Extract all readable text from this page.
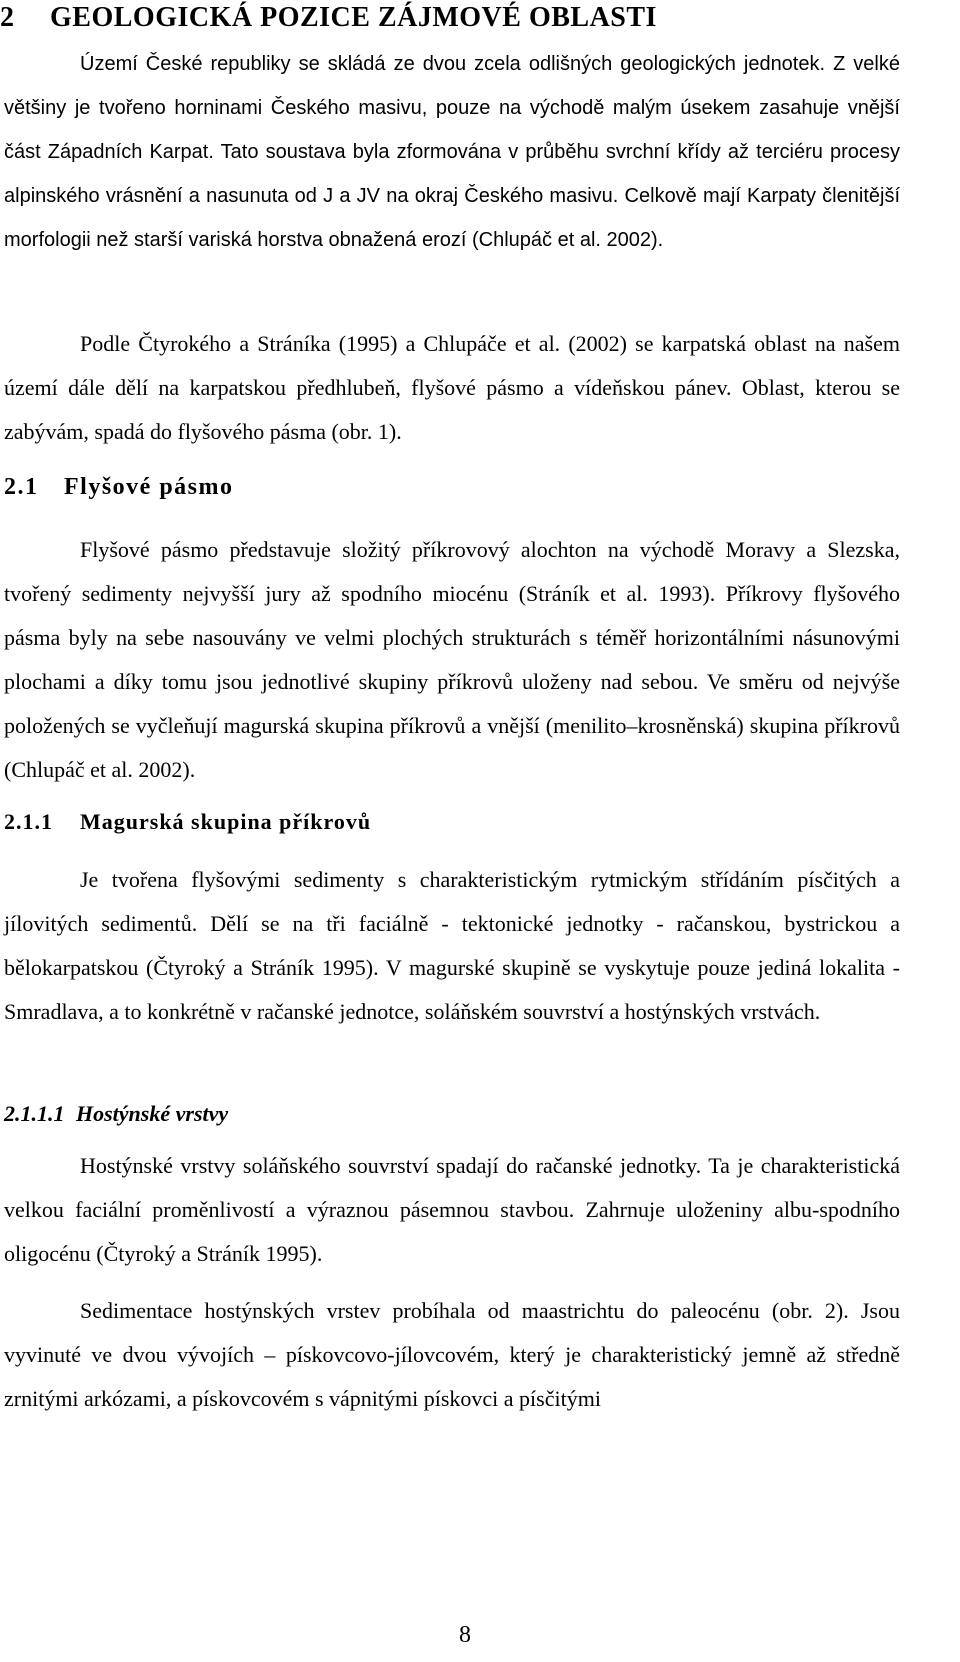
2 GEOLOGICKÁ POZICE ZÁJMOVÉ OBLASTI

Území České republiky se skládá ze dvou zcela odlišných geologických jednotek. Z velké většiny je tvořeno horninami Českého masivu, pouze na východě malým úsekem zasahuje vnější část Západních Karpat. Tato soustava byla zformována v průběhu svrchní křídy až terciéru procesy alpinského vrásnění a nasunuta od J a JV na okraj Českého masivu. Celkově mají Karpaty členitější morfologii než starší variská horstva obnažená erozí (Chlupáč et al. 2002).

Podle Čtyrokého a Stráníka (1995) a Chlupáče et al. (2002) se karpatská oblast na našem území dále dělí na karpatskou předhlubeň, flyšové pásmo a vídeňskou pánev. Oblast, kterou se zabývám, spadá do flyšového pásma (obr. 1).

2.1 Flyšové pásmo

Flyšové pásmo představuje složitý příkrovový alochton na východě Moravy a Slezska, tvořený sedimenty nejvyšší jury až spodního miocénu (Stráník et al. 1993). Příkrovy flyšového pásma byly na sebe nasouvány ve velmi plochých strukturách s téměř horizontálními násunovými plochami a díky tomu jsou jednotlivé skupiny příkrovů uloženy nad sebou. Ve směru od nejvýše položených se vyčleňují magurská skupina příkrovů a vnější (menilito–krosněnská) skupina příkrovů (Chlupáč et al. 2002).

2.1.1 Magurská skupina příkrovů

Je tvořena flyšovými sedimenty s charakteristickým rytmickým střídáním písčitých a jílovitých sedimentů. Dělí se na tři faciálně - tektonické jednotky - račanskou, bystrickou a bělokarpatskou (Čtyroký a Stráník 1995). V magurské skupině se vyskytuje pouze jediná lokalita - Smradlava, a to konkrétně v račanské jednotce, soláňském souvrství a hostýnských vrstvách.

2.1.1.1 Hostýnské vrstvy

Hostýnské vrstvy soláňského souvrství spadají do račanské jednotky. Ta je charakteristická velkou faciální proměnlivostí a výraznou pásemnou stavbou. Zahrnuje uloženiny albu-spodního oligocénu (Čtyroký a Stráník 1995).

Sedimentace hostýnských vrstev probíhala od maastrichtu do paleocénu (obr. 2). Jsou vyvinuté ve dvou vývojích – pískovcovo-jílovcovém, který je charakteristický jemně až středně zrnitými arkózami, a pískovcovém s vápnitými pískovci a písčitými

8
